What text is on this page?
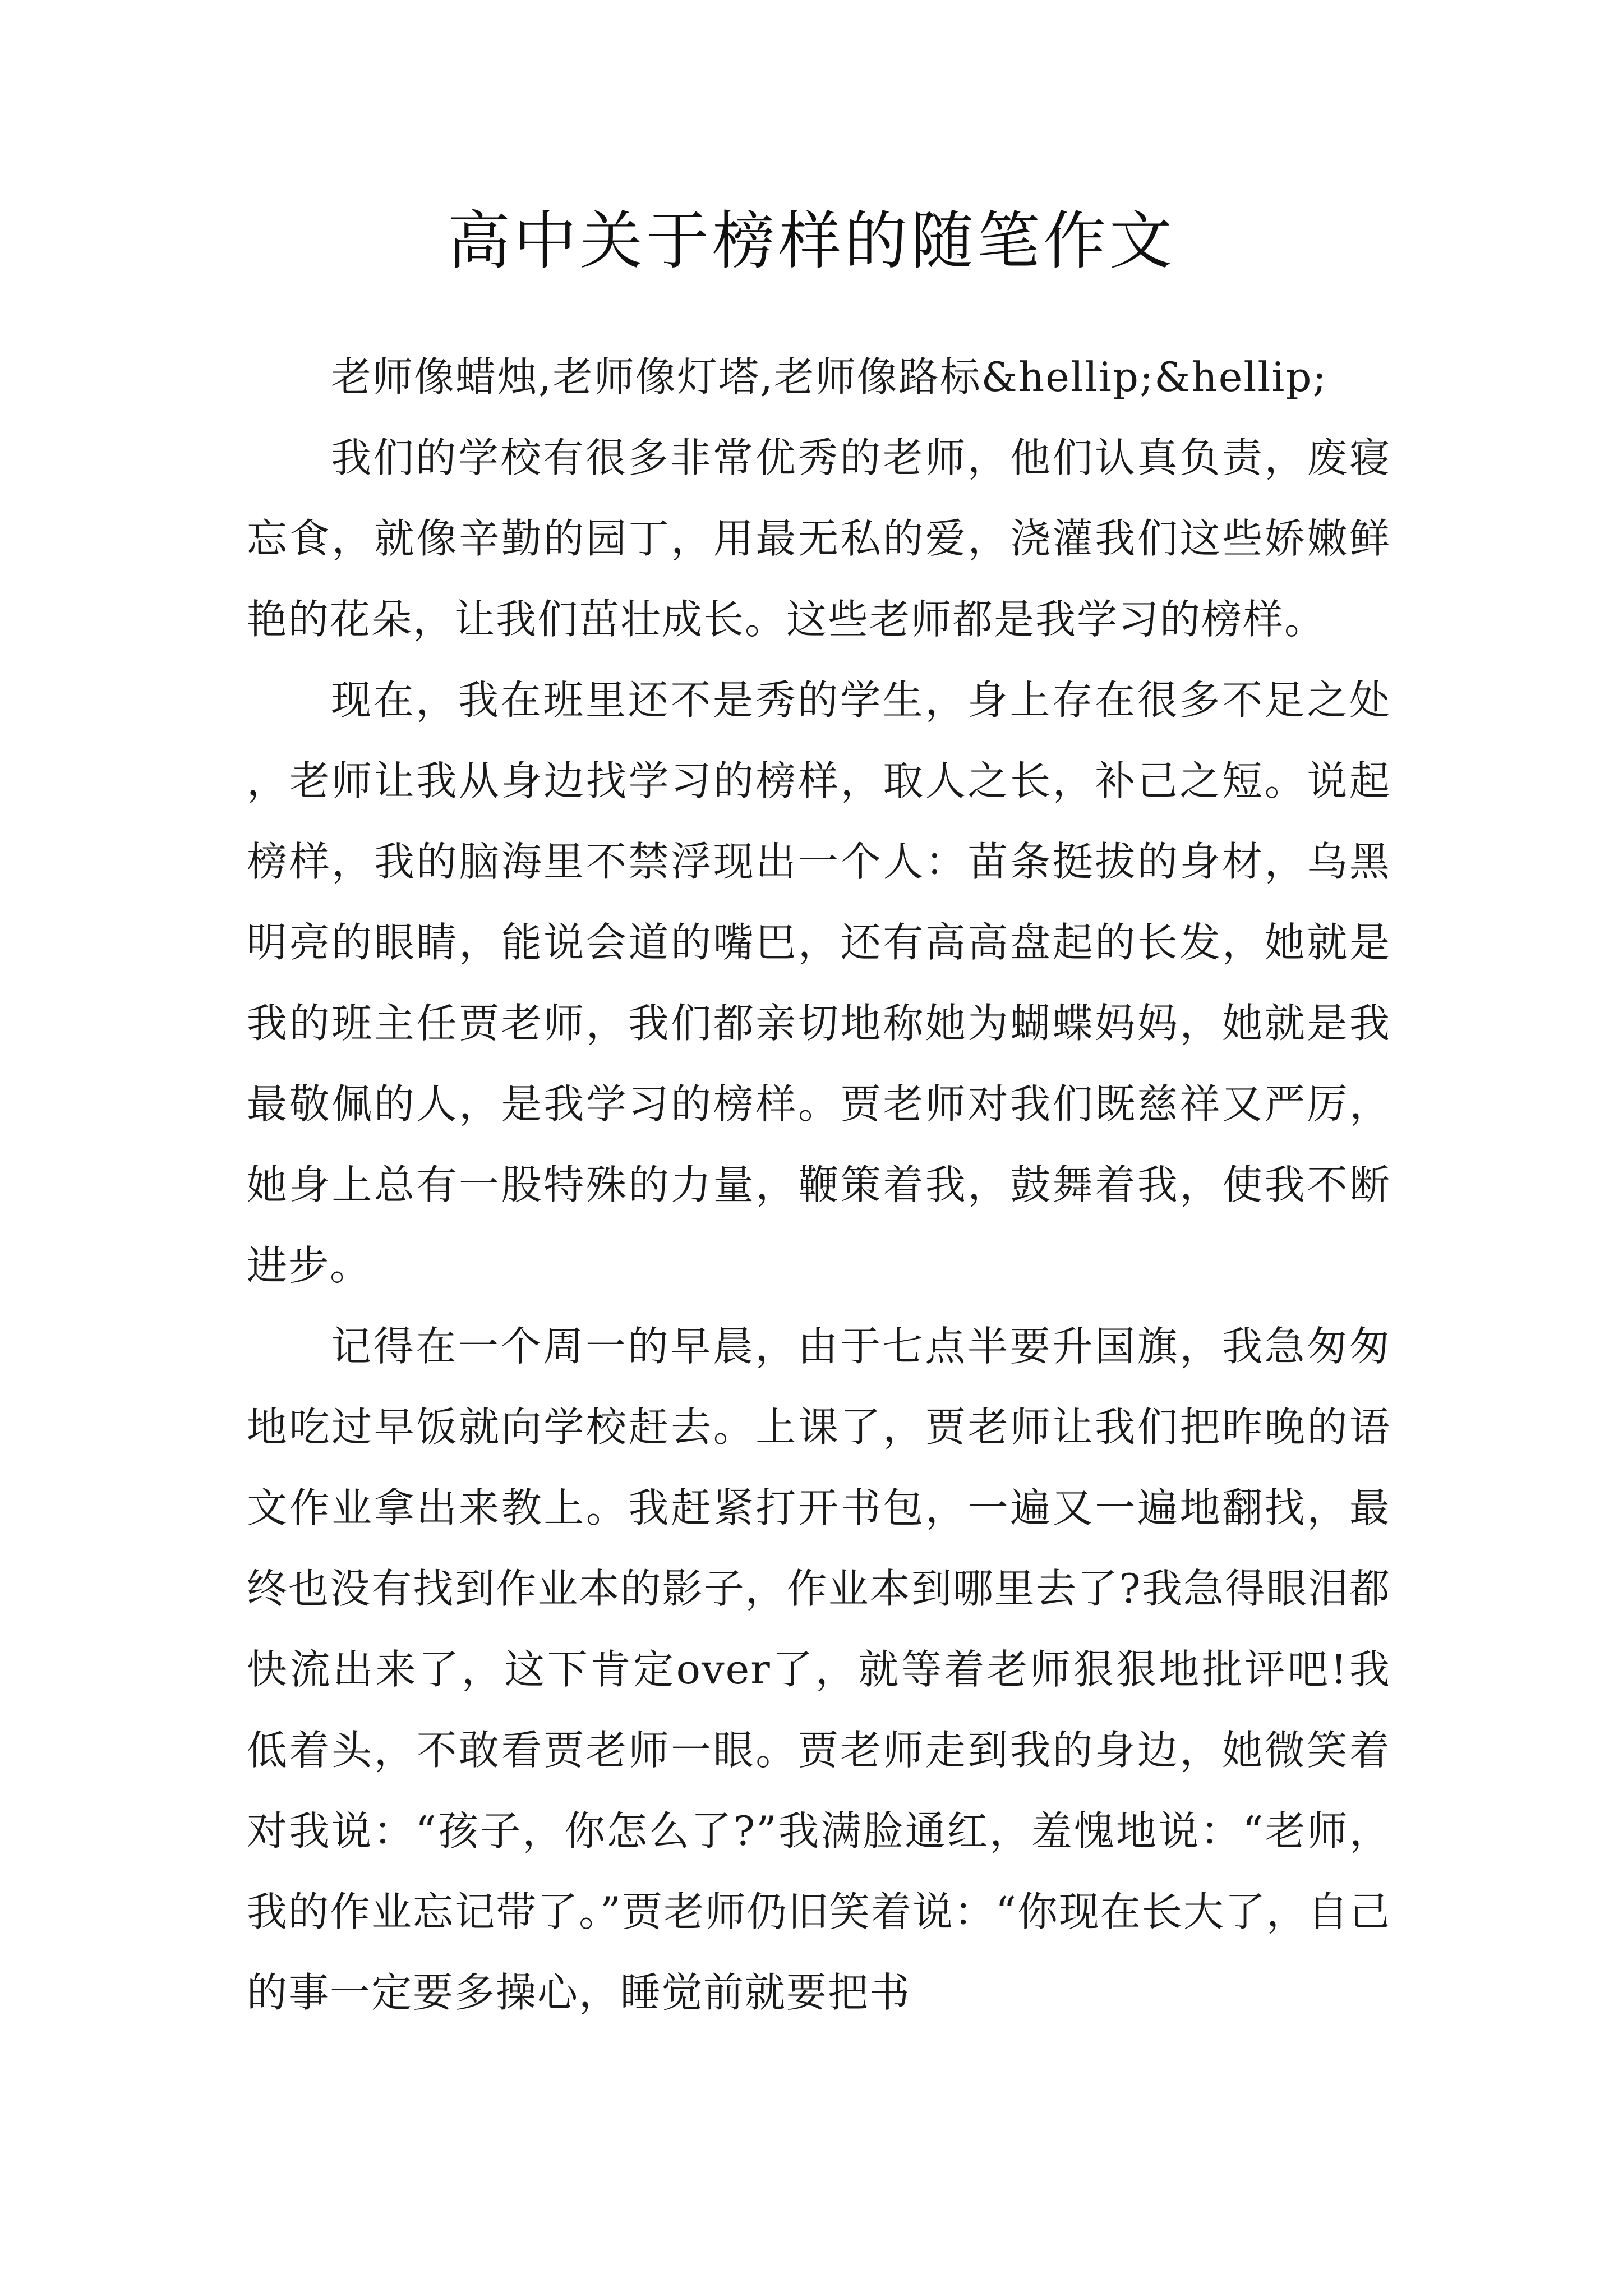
高中关于榜样的随笔作文

老师像蜡烛,老师像灯塔,老师像路标&hellip;&hellip;

我们的学校有很多非常优秀的老师，他们认真负责，废寝忘食，就像辛勤的园丁，用最无私的爱，浇灌我们这些娇嫩鲜艳的花朵，让我们茁壮成长。这些老师都是我学习的榜样。

现在，我在班里还不是秀的学生，身上存在很多不足之处，老师让我从身边找学习的榜样，取人之长，补己之短。说起榜样，我的脑海里不禁浮现出一个人：苗条挺拔的身材，乌黑明亮的眼睛，能说会道的嘴巴，还有高高盘起的长发，她就是我的班主任贾老师，我们都亲切地称她为蝴蝶妈妈，她就是我最敬佩的人，是我学习的榜样。贾老师对我们既慈祥又严厉，她身上总有一股特殊的力量，鞭策着我，鼓舞着我，使我不断进步。

记得在一个周一的早晨，由于七点半要升国旗，我急匆匆地吃过早饭就向学校赶去。上课了，贾老师让我们把昨晚的语文作业拿出来教上。我赶紧打开书包，一遍又一遍地翻找，最终也没有找到作业本的影子，作业本到哪里去了?我急得眼泪都快流出来了，这下肯定over了，就等着老师狠狠地批评吧!我低着头，不敢看贾老师一眼。贾老师走到我的身边，她微笑着对我说：“孩子，你怎么了?”我满脸通红，羞愧地说：“老师，我的作业忘记带了。”贾老师仍旧笑着说：“你现在长大了，自己的事一定要多操心，睡觉前就要把书
